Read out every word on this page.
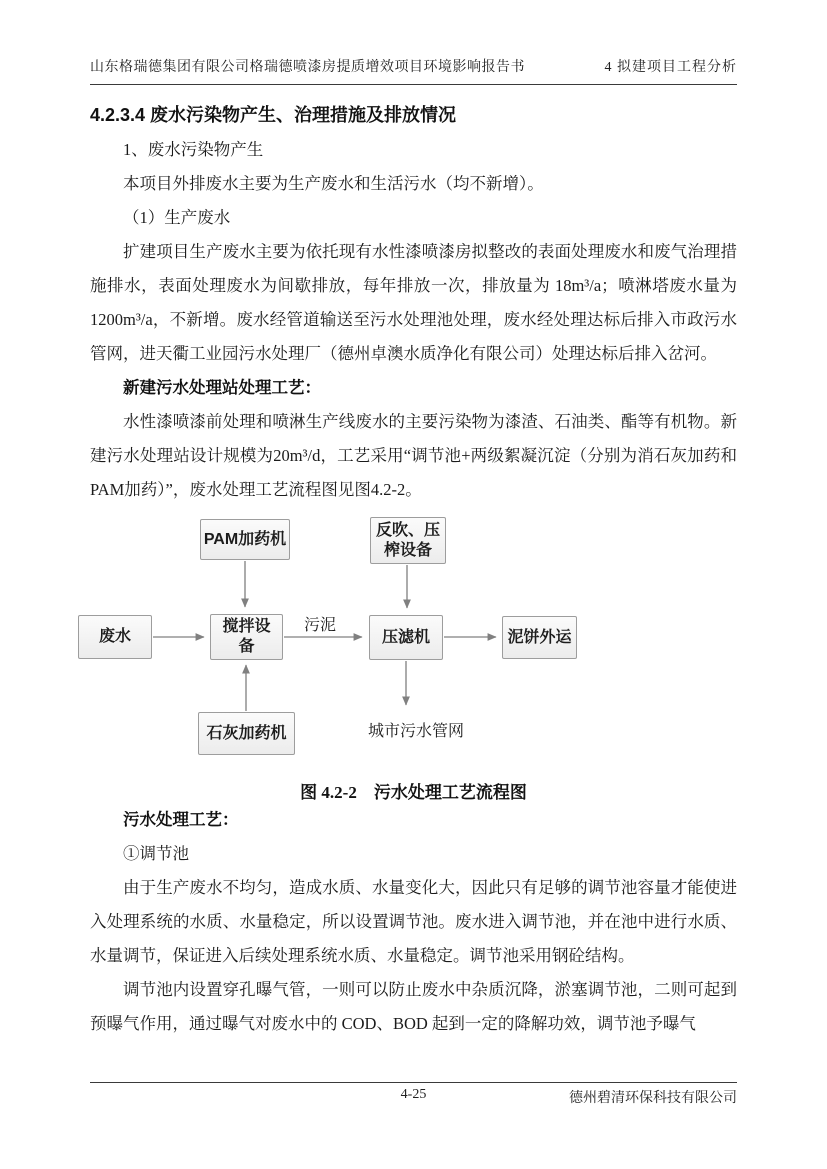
山东格瑞德集团有限公司格瑞德喷漆房提质增效项目环境影响报告书	4 拟建项目工程分析
4.2.3.4 废水污染物产生、治理措施及排放情况

1、废水污染物产生

本项目外排废水主要为生产废水和生活污水（均不新增）。

（1）生产废水

扩建项目生产废水主要为依托现有水性漆喷漆房拟整改的表面处理废水和废气治理措施排水，表面处理废水为间歇排放，每年排放一次，排放量为 18m³/a；喷淋塔废水量为 1200m³/a，不新增。废水经管道输送至污水处理池处理，废水经处理达标后排入市政污水管网，进天衢工业园污水处理厂（德州卓澳水质净化有限公司）处理达标后排入岔河。

新建污水处理站处理工艺：

水性漆喷漆前处理和喷淋生产线废水的主要污染物为漆渣、石油类、酯等有机物。新建污水处理站设计规模为20m³/d，工艺采用“调节池+两级絮凝沉淀（分别为消石灰加药和PAM加药）”，废水处理工艺流程图见图4.2-2。

PAM加药机
反吹、压榨设备
废水
搅拌设备
压滤机	泥饼外运
石灰加药机
污泥
城市污水管网

图 4.2-2　污水处理工艺流程图

污水处理工艺：

①调节池

由于生产废水不均匀，造成水质、水量变化大，因此只有足够的调节池容量才能使进入处理系统的水质、水量稳定，所以设置调节池。废水进入调节池，并在池中进行水质、水量调节，保证进入后续处理系统水质、水量稳定。调节池采用钢砼结构。

调节池内设置穿孔曝气管，一则可以防止废水中杂质沉降，淤塞调节池，二则可起到预曝气作用，通过曝气对废水中的 COD、BOD 起到一定的降解功效，调节池予曝气

4-25	德州碧清环保科技有限公司
